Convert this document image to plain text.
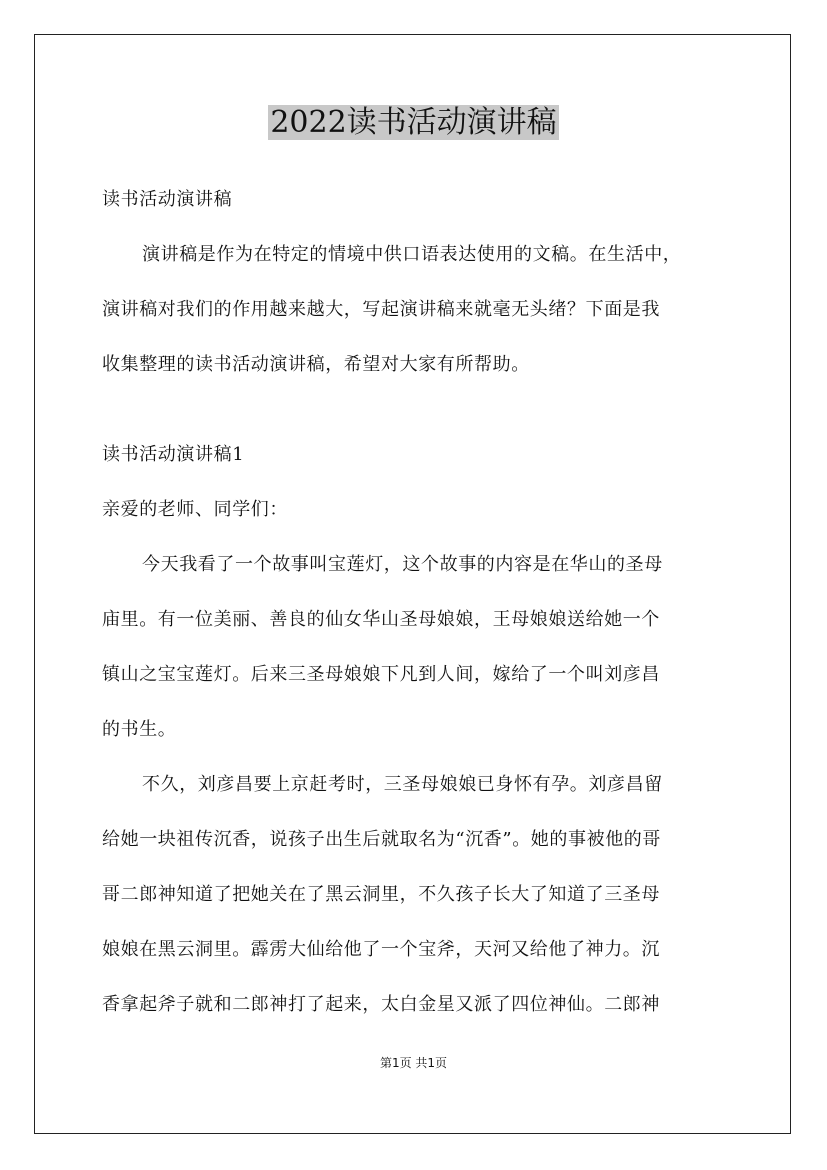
2022读书活动演讲稿
读书活动演讲稿
演讲稿是作为在特定的情境中供口语表达使用的文稿。在生活中，
演讲稿对我们的作用越来越大，写起演讲稿来就毫无头绪？下面是我
收集整理的读书活动演讲稿，希望对大家有所帮助。
读书活动演讲稿1
亲爱的老师、同学们：
今天我看了一个故事叫宝莲灯，这个故事的内容是在华山的圣母
庙里。有一位美丽、善良的仙女华山圣母娘娘，王母娘娘送给她一个
镇山之宝宝莲灯。后来三圣母娘娘下凡到人间，嫁给了一个叫刘彦昌
的书生。
不久，刘彦昌要上京赶考时，三圣母娘娘已身怀有孕。刘彦昌留
给她一块祖传沉香，说孩子出生后就取名为“沉香”。她的事被他的哥
哥二郎神知道了把她关在了黑云洞里，不久孩子长大了知道了三圣母
娘娘在黑云洞里。霹雳大仙给他了一个宝斧，天河又给他了神力。沉
香拿起斧子就和二郎神打了起来，太白金星又派了四位神仙。二郎神
第1页 共1页
